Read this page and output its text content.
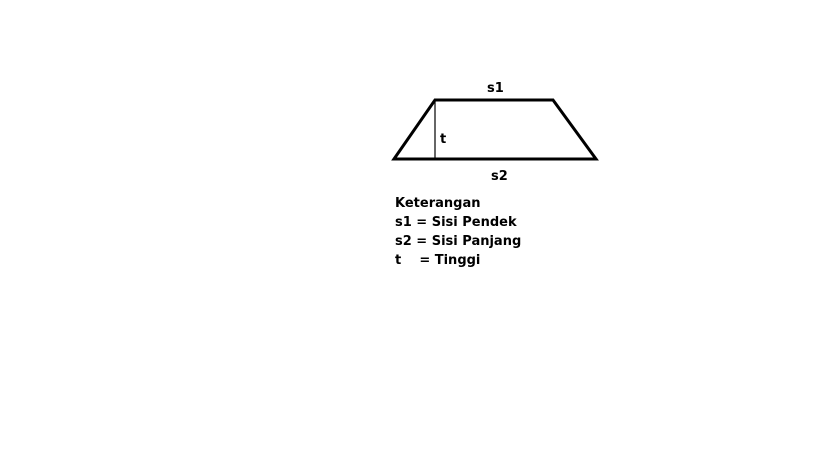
s1
s2
t
Keterangan
s1 = Sisi Pendek
s2 = Sisi Panjang
t    = Tinggi
